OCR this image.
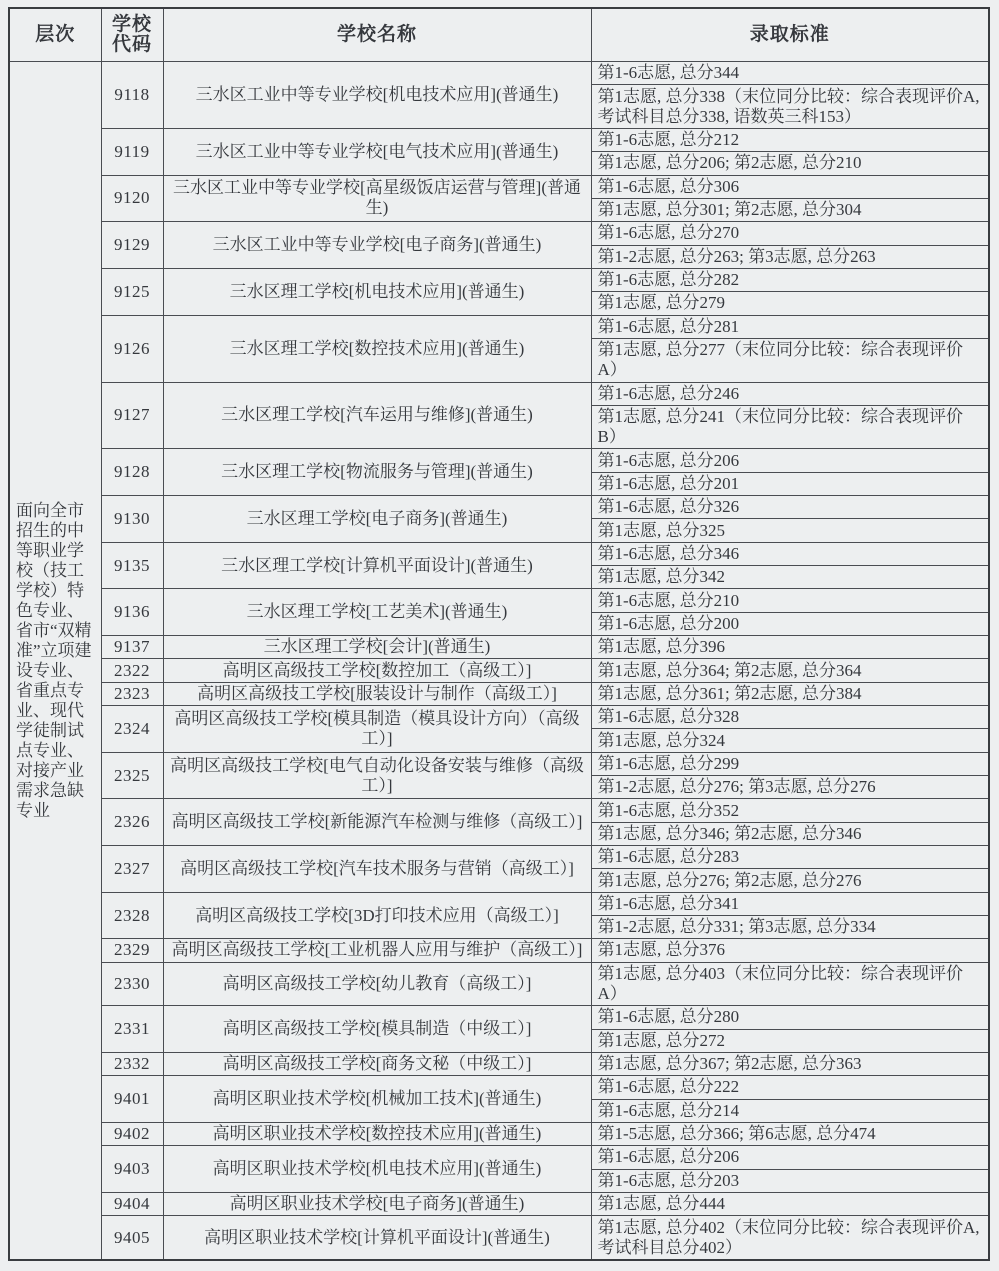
层次	学校代码	学校名称	录取标准
面向全市招生的中等职业学校（技工学校）特色专业、省市“双精准”立项建设专业、省重点专业、现代学徒制试点专业、对接产业需求急缺专业	9118	三水区工业中等专业学校[机电技术应用](普通生)	第1-6志愿, 总分344
			第1志愿, 总分338（末位同分比较：综合表现评价A, 考试科目总分338, 语数英三科153）
	9119	三水区工业中等专业学校[电气技术应用](普通生)	第1-6志愿, 总分212
			第1志愿, 总分206; 第2志愿, 总分210
	9120	三水区工业中等专业学校[高星级饭店运营与管理](普通生)	第1-6志愿, 总分306
			第1志愿, 总分301; 第2志愿, 总分304
	9129	三水区工业中等专业学校[电子商务](普通生)	第1-6志愿, 总分270
			第1-2志愿, 总分263; 第3志愿, 总分263
	9125	三水区理工学校[机电技术应用](普通生)	第1-6志愿, 总分282
			第1志愿, 总分279
	9126	三水区理工学校[数控技术应用](普通生)	第1-6志愿, 总分281
			第1志愿, 总分277（末位同分比较：综合表现评价A）
	9127	三水区理工学校[汽车运用与维修](普通生)	第1-6志愿, 总分246
			第1志愿, 总分241（末位同分比较：综合表现评价B）
	9128	三水区理工学校[物流服务与管理](普通生)	第1-6志愿, 总分206
			第1-6志愿, 总分201
	9130	三水区理工学校[电子商务](普通生)	第1-6志愿, 总分326
			第1志愿, 总分325
	9135	三水区理工学校[计算机平面设计](普通生)	第1-6志愿, 总分346
			第1志愿, 总分342
	9136	三水区理工学校[工艺美术](普通生)	第1-6志愿, 总分210
			第1-6志愿, 总分200
	9137	三水区理工学校[会计](普通生)	第1志愿, 总分396
	2322	高明区高级技工学校[数控加工（高级工）]	第1志愿, 总分364; 第2志愿, 总分364
	2323	高明区高级技工学校[服装设计与制作（高级工）]	第1志愿, 总分361; 第2志愿, 总分384
	2324	高明区高级技工学校[模具制造（模具设计方向）（高级工）]	第1-6志愿, 总分328
			第1志愿, 总分324
	2325	高明区高级技工学校[电气自动化设备安装与维修（高级工）]	第1-6志愿, 总分299
			第1-2志愿, 总分276; 第3志愿, 总分276
	2326	高明区高级技工学校[新能源汽车检测与维修（高级工）]	第1-6志愿, 总分352
			第1志愿, 总分346; 第2志愿, 总分346
	2327	高明区高级技工学校[汽车技术服务与营销（高级工）]	第1-6志愿, 总分283
			第1志愿, 总分276; 第2志愿, 总分276
	2328	高明区高级技工学校[3D打印技术应用（高级工）]	第1-6志愿, 总分341
			第1-2志愿, 总分331; 第3志愿, 总分334
	2329	高明区高级技工学校[工业机器人应用与维护（高级工）]	第1志愿, 总分376
	2330	高明区高级技工学校[幼儿教育（高级工）]	第1志愿, 总分403（末位同分比较：综合表现评价A）
	2331	高明区高级技工学校[模具制造（中级工）]	第1-6志愿, 总分280
			第1志愿, 总分272
	2332	高明区高级技工学校[商务文秘（中级工）]	第1志愿, 总分367; 第2志愿, 总分363
	9401	高明区职业技术学校[机械加工技术](普通生)	第1-6志愿, 总分222
			第1-6志愿, 总分214
	9402	高明区职业技术学校[数控技术应用](普通生)	第1-5志愿, 总分366; 第6志愿, 总分474
	9403	高明区职业技术学校[机电技术应用](普通生)	第1-6志愿, 总分206
			第1-6志愿, 总分203
	9404	高明区职业技术学校[电子商务](普通生)	第1志愿, 总分444
	9405	高明区职业技术学校[计算机平面设计](普通生)	第1志愿, 总分402（末位同分比较：综合表现评价A, 考试科目总分402）
